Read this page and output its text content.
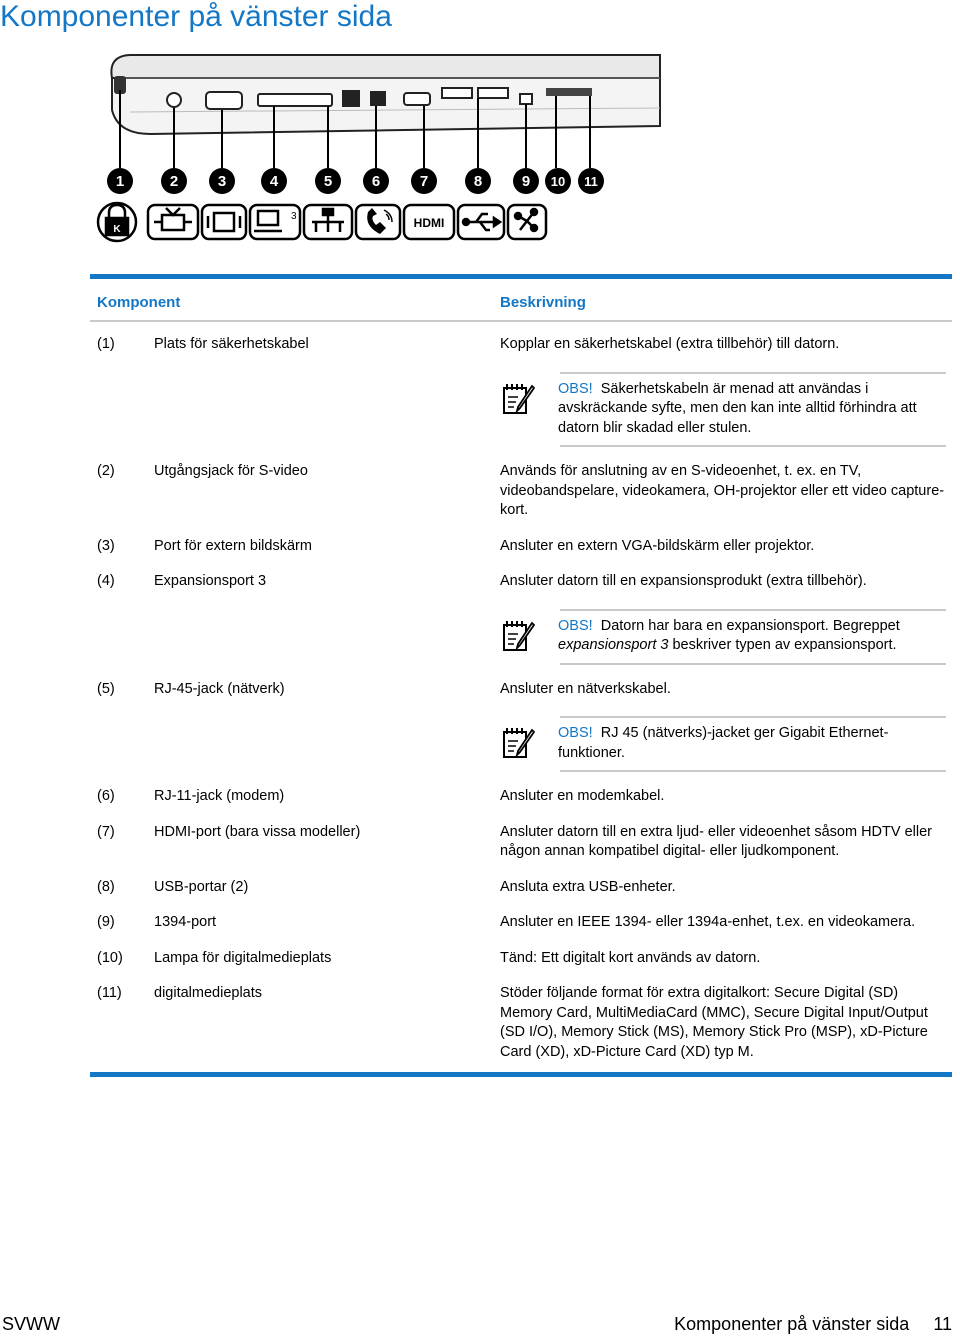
Komponenter på vänster sida
1	2	3	4	5	6	7	8	9 10 11
K
3	HDMI
Komponent	Beskrivning
(1)	Plats för säkerhetskabel	Kopplar en säkerhetskabel (extra tillbehör) till datorn.
OBS! Säkerhetskabeln är menad att användas i avskräckande syfte, men den kan inte alltid förhindra att datorn blir skadad eller stulen.
(2)	Utgångsjack för S-video	Används för anslutning av en S-videoenhet, t. ex. en TV, videobandspelare, videokamera, OH-projektor eller ett video capture-kort.
(3)	Port för extern bildskärm	Ansluter en extern VGA-bildskärm eller projektor.
(4)	Expansionsport 3	Ansluter datorn till en expansionsprodukt (extra tillbehör).
OBS! Datorn har bara en expansionsport. Begreppet expansionsport 3 beskriver typen av expansionsport.
(5)	RJ-45-jack (nätverk)	Ansluter en nätverkskabel.
OBS! RJ 45 (nätverks)-jacket ger Gigabit Ethernet-funktioner.
(6)	RJ-11-jack (modem)	Ansluter en modemkabel.
(7)	HDMI-port (bara vissa modeller)	Ansluter datorn till en extra ljud- eller videoenhet såsom HDTV eller någon annan kompatibel digital- eller ljudkomponent.
(8)	USB-portar (2)	Ansluta extra USB-enheter.
(9)	1394-port	Ansluter en IEEE 1394- eller 1394a-enhet, t.ex. en videokamera.
(10)	Lampa för digitalmedieplats	Tänd: Ett digitalt kort används av datorn.
(11)	digitalmedieplats	Stöder följande format för extra digitalkort: Secure Digital (SD) Memory Card, MultiMediaCard (MMC), Secure Digital Input/Output (SD I/O), Memory Stick (MS), Memory Stick Pro (MSP), xD-Picture Card (XD), xD-Picture Card (XD) typ M.
SVWW	Komponenter på vänster sida 11
